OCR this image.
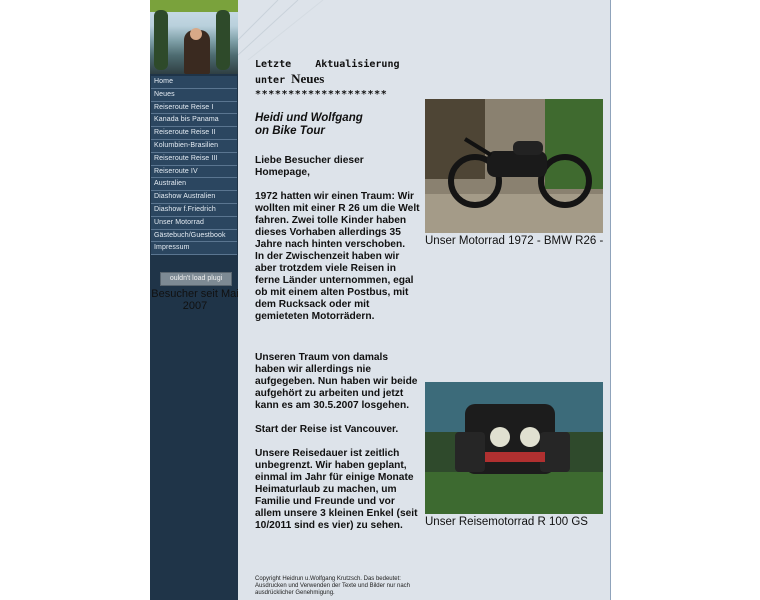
Home
Neues
Reiseroute Reise I
Kanada bis Panama
Reiseroute Reise II
Kolumbien-Brasilien
Reiseroute Reise III
Reiseroute IV
Australien
Diashow Australien
Diashow f.Friedrich
Unser Motorrad
Gästebuch/Guestbook
Impressum
ouldn't load plugi
Besucher seit Mai 2007
Letzte    Aktualisierung
unter Neues
********************
Heidi und Wolfgang
on Bike Tour

Liebe Besucher dieser Homepage,

1972 hatten wir einen Traum: Wir wollten mit einer R 26 um die Welt fahren. Zwei tolle Kinder haben dieses Vorhaben allerdings 35 Jahre nach hinten verschoben.

In der Zwischenzeit haben wir aber trotzdem viele Reisen in ferne Länder unternommen, egal ob mit einem alten Postbus, mit dem Rucksack oder mit gemieteten Motorrädern.

Unseren Traum von damals haben wir allerdings nie aufgegeben. Nun haben wir beide aufgehört zu arbeiten und jetzt kann es am 30.5.2007 losgehen.

Start der Reise ist Vancouver.

Unsere Reisedauer ist zeitlich unbegrenzt. Wir haben geplant, einmal im Jahr für einige Monate Heimaturlaub zu machen, um Familie und Freunde und vor allem unsere 3 kleinen Enkel (seit 10/2011 sind es vier) zu sehen.

Unser Motorrad 1972 - BMW R26 -
Unser Reisemotorrad R 100 GS
Copyright Heidrun u.Wolfgang Krutzsch. Das bedeutet: Ausdrucken und Verwenden der Texte und Bilder nur nach ausdrücklicher Genehmigung.
